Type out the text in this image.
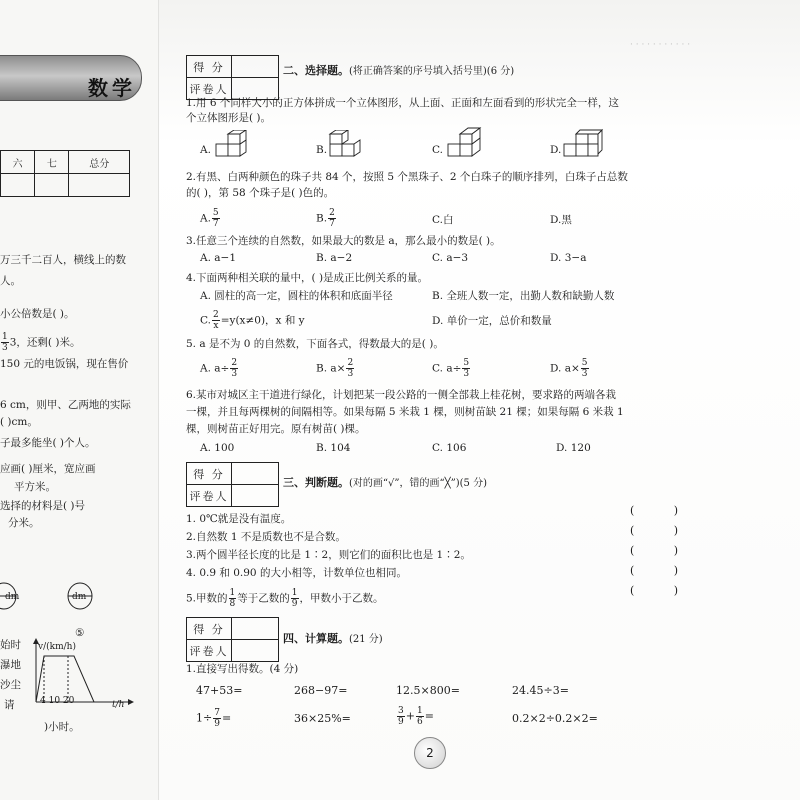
数学
六	七	总分

万三千二百人，横线上的数
人。
小公倍数是( )。
$\frac{1}{3} 3$，还剩( )米。
150 元的电饭锅，现在售价
6 cm，则甲、乙两地的实际
( )cm。
子最多能坐( )个人。
应画( )厘米，宽应画
平方米。
选择的材料是( )号
分米。
dm	dm
⑤
v/(km/h)
t/h
4 10 20
始时
瀑地
沙尘
请
)小时。
· · · · · · · · · · ·
得 分	
评卷人	
二、选择题。(将正确答案的序号填入括号里)(6 分)
1.用 6 个同样大小的正方体拼成一个立体图形，从上面、正面和左面看到的形状完全一样，这
个立体图形是( )。
A.	B.	C.	D.
2.有黑、白两种颜色的珠子共 84 个，按照 5 个黑珠子、2 个白珠子的顺序排列，白珠子占总数
的( )，第 58 个珠子是( )色的。
A. $\frac{5}{7}$	B. $\frac{2}{7}$	C.白	D.黑
3.任意三个连续的自然数，如果最大的数是 a，那么最小的数是( )。
A. a−1	B. a−2	C. a−3	D. 3−a
4.下面两种相关联的量中，( )是成正比例关系的量。
A. 圆柱的高一定，圆柱的体积和底面半径	B. 全班人数一定，出勤人数和缺勤人数
C. $\frac{2}{x} =y(x\ne 0)$，x 和 y	D. 单价一定，总价和数量
5. a 是不为 0 的自然数，下面各式，得数最大的是( )。
A. $a\div \frac{2}{3}$	B. $a\times \frac{2}{3}$	C. $a\div \frac{5}{3}$	D. $a\times \frac{5}{3}$
6.某市对城区主干道进行绿化，计划把某一段公路的一侧全部栽上桂花树，要求路的两端各栽
一棵，并且每两棵树的间隔相等。如果每隔 5 米栽 1 棵，则树苗缺 21 棵；如果每隔 6 米栽 1
棵，则树苗正好用完。原有树苗( )棵。
A. 100	B. 104	C. 106	D. 120
得 分	
评卷人	
三、判断题。(对的画“√”，错的画“╳”)(5 分)
1. 0℃就是没有温度。
2.自然数 1 不是质数也不是合数。
3.两个圆半径长度的比是 1∶2，则它们的面积比也是 1∶2。
4. 0.9 和 0.90 的大小相等，计数单位也相同。
5.甲数的 $\frac{1}{8}$ 等于乙数的 $\frac{1}{9}$ ，甲数小于乙数。
( )
( )
( )
( )
( )
得 分	
评卷人	
四、计算题。(21 分)
1.直接写出得数。(4 分)
47+53=	268−97=	12.5×800=	24.45÷3=
$1\div \frac{7}{9}$ =	36×25%=	$\frac{3}{9} + \frac{1}{6}$ =	0.2×2÷0.2×2=
2
